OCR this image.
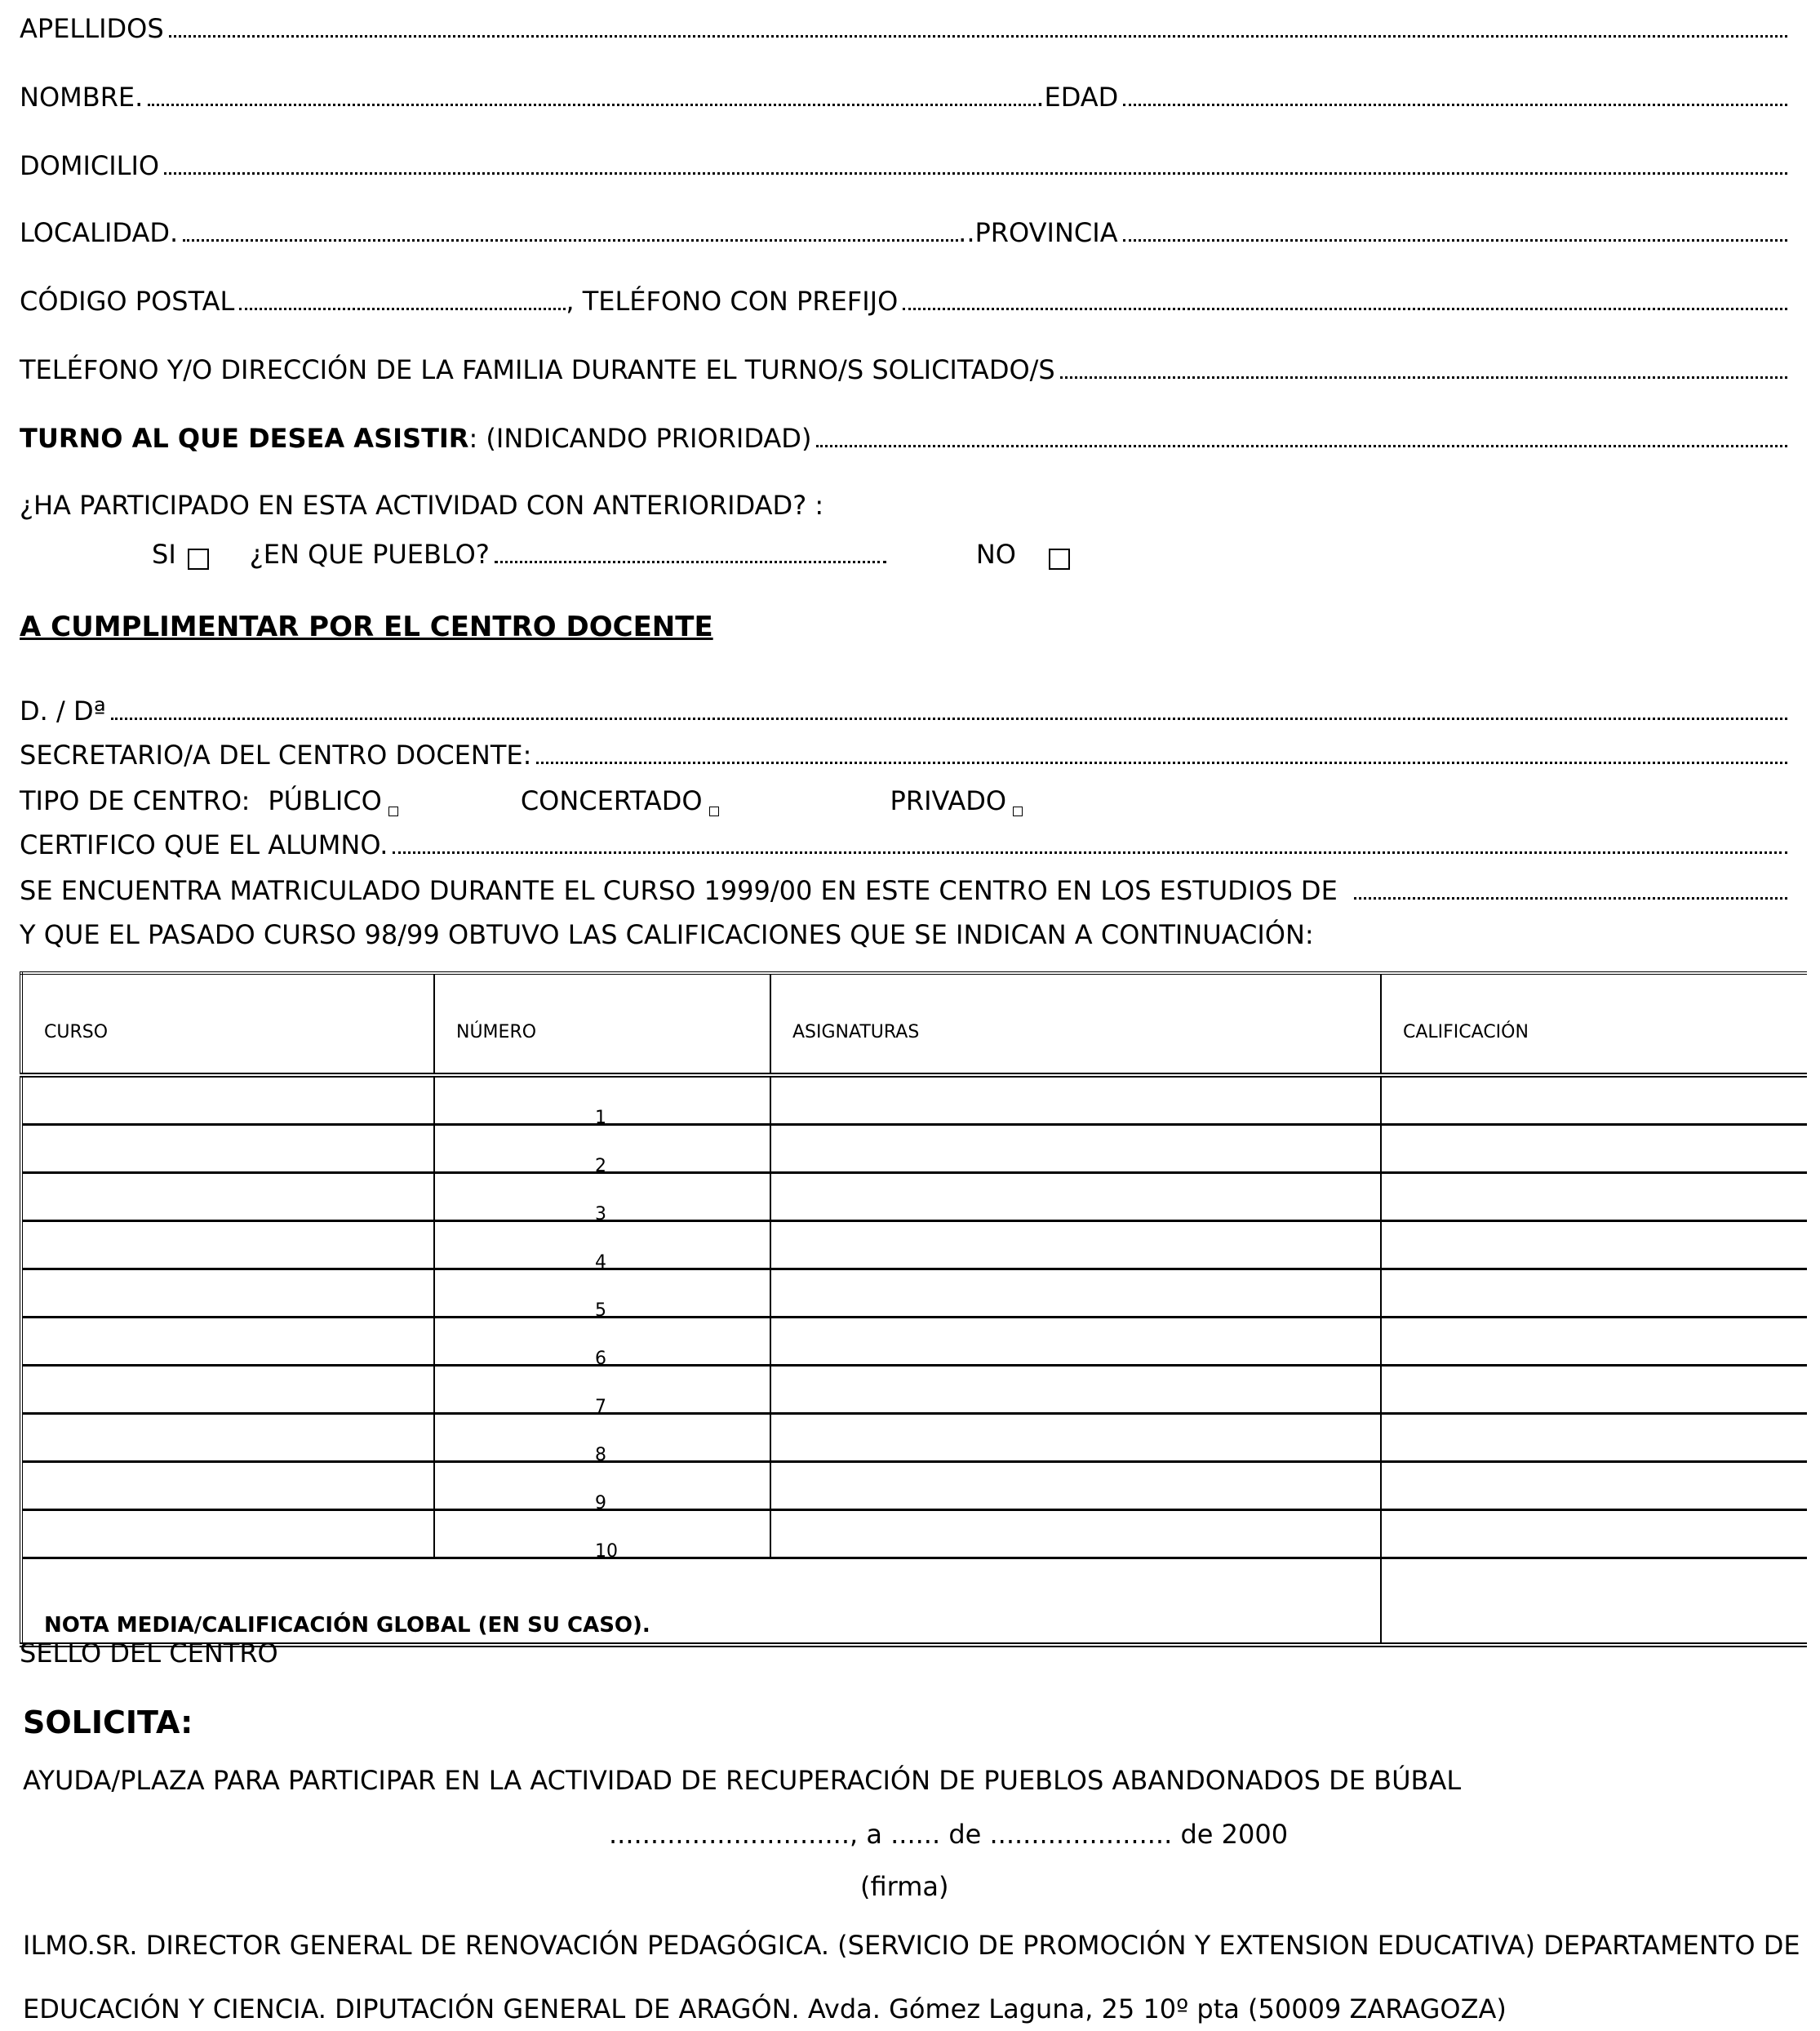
APELLIDOS
NOMBRE.	.EDAD
DOMICILIO
LOCALIDAD.	..PROVINCIA
CÓDIGO POSTAL	, TELÉFONO CON PREFIJO
TELÉFONO Y/O DIRECCIÓN DE LA FAMILIA DURANTE EL TURNO/S SOLICITADO/S
TURNO AL QUE DESEA ASISTIR : (INDICANDO PRIORIDAD)
¿HA PARTICIPADO EN ESTA ACTIVIDAD CON ANTERIORIDAD? :
SI	¿EN QUE PUEBLO?	NO
A CUMPLIMENTAR POR EL CENTRO DOCENTE
D. / Dª
SECRETARIO/A DEL CENTRO DOCENTE:
TIPO DE CENTRO: PÚBLICO	CONCERTADO	PRIVADO
CERTIFICO QUE EL ALUMNO.
SE ENCUENTRA MATRICULADO DURANTE EL CURSO 1999/00 EN ESTE CENTRO EN LOS ESTUDIOS DE
Y QUE EL PASADO CURSO 98/99 OBTUVO LAS CALIFICACIONES QUE SE INDICAN A CONTINUACIÓN:
CURSO	NÚMERO	ASIGNATURAS	CALIFICACIÓN

	1		

	2		

	3		

	4		

	5		

	6		

	7		

	8		

	9		

	10		

NOTA MEDIA/CALIFICACIÓN GLOBAL (EN SU CASO).			
SELLO DEL CENTRO
SOLICITA:
AYUDA/PLAZA PARA PARTICIPAR EN LA ACTIVIDAD DE RECUPERACIÓN DE PUEBLOS ABANDONADOS DE BÚBAL
............................., a ...... de ...................... de 2000
(firma)
ILMO.SR. DIRECTOR GENERAL DE RENOVACIÓN PEDAGÓGICA. (SERVICIO DE PROMOCIÓN Y EXTENSION EDUCATIVA) DEPARTAMENTO DE
EDUCACIÓN Y CIENCIA. DIPUTACIÓN GENERAL DE ARAGÓN. Avda. Gómez Laguna, 25 10º pta (50009 ZARAGOZA)
